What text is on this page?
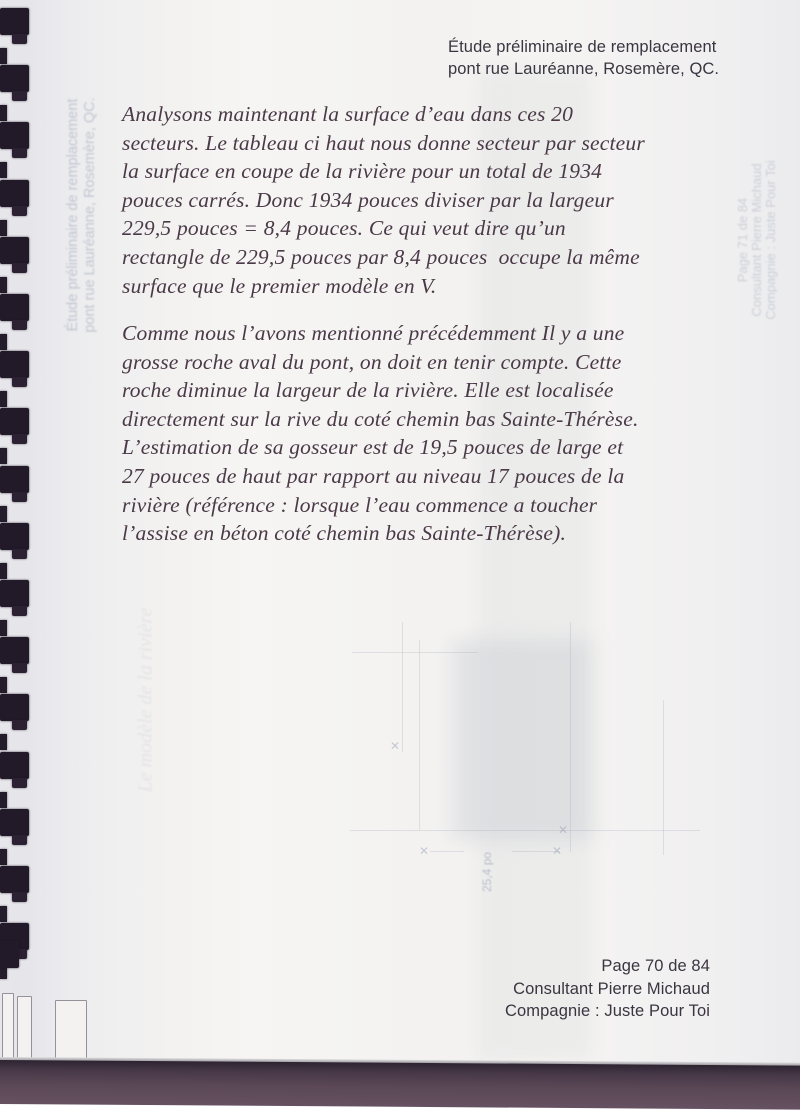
Étude préliminaire de remplacement pont rue Lauréanne, Rosemère, QC.	Page 71 de 84 Consultant Pierre Michaud Compagnie : Juste Pour Toi
Le modèle de la rivière	✕
✕
✕	✕
25,4 po
Étude préliminaire de remplacement
pont rue Lauréanne, Rosemère, QC.
Analysons maintenant la surface d’eau dans ces 20
secteurs. Le tableau ci haut nous donne secteur par secteur
la surface en coupe de la rivière pour un total de 1934
pouces carrés. Donc 1934 pouces diviser par la largeur
229,5 pouces = 8,4 pouces. Ce qui veut dire qu’un
rectangle de 229,5 pouces par 8,4 pouces  occupe la même
surface que le premier modèle en V.
Comme nous l’avons mentionné précédemment Il y a une
grosse roche aval du pont, on doit en tenir compte. Cette
roche diminue la largeur de la rivière. Elle est localisée
directement sur la rive du coté chemin bas Sainte-Thérèse.
L’estimation de sa gosseur est de 19,5 pouces de large et
27 pouces de haut par rapport au niveau 17 pouces de la
rivière (référence : lorsque l’eau commence a toucher
l’assise en béton coté chemin bas Sainte-Thérèse).
Page 70 de 84
Consultant Pierre Michaud
Compagnie : Juste Pour Toi
